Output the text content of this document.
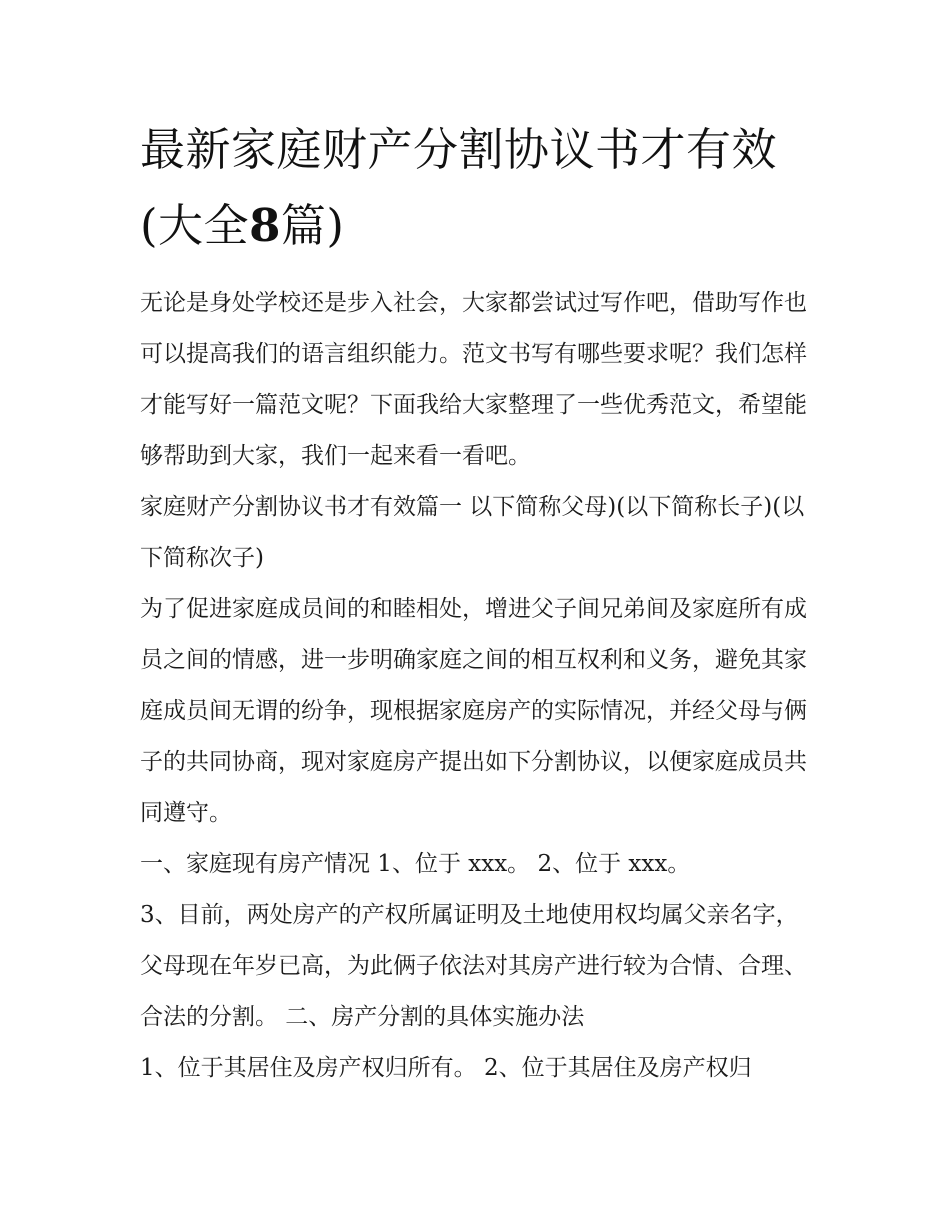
最新家庭财产分割协议书才有效(大全8篇)

无论是身处学校还是步入社会，大家都尝试过写作吧，借助写作也可以提高我们的语言组织能力。范文书写有哪些要求呢？我们怎样才能写好一篇范文呢？下面我给大家整理了一些优秀范文，希望能够帮助到大家，我们一起来看一看吧。

家庭财产分割协议书才有效篇一 以下简称父母)(以下简称长子)(以下简称次子)

为了促进家庭成员间的和睦相处，增进父子间兄弟间及家庭所有成员之间的情感，进一步明确家庭之间的相互权利和义务，避免其家庭成员间无谓的纷争，现根据家庭房产的实际情况，并经父母与俩子的共同协商，现对家庭房产提出如下分割协议，以便家庭成员共同遵守。

一、家庭现有房产情况 1、位于 xxx。 2、位于 xxx。

3、目前，两处房产的产权所属证明及土地使用权均属父亲名字，父母现在年岁已高，为此俩子依法对其房产进行较为合情、合理、合法的分割。 二、房产分割的具体实施办法

1、位于其居住及房产权归所有。 2、位于其居住及房产权归
